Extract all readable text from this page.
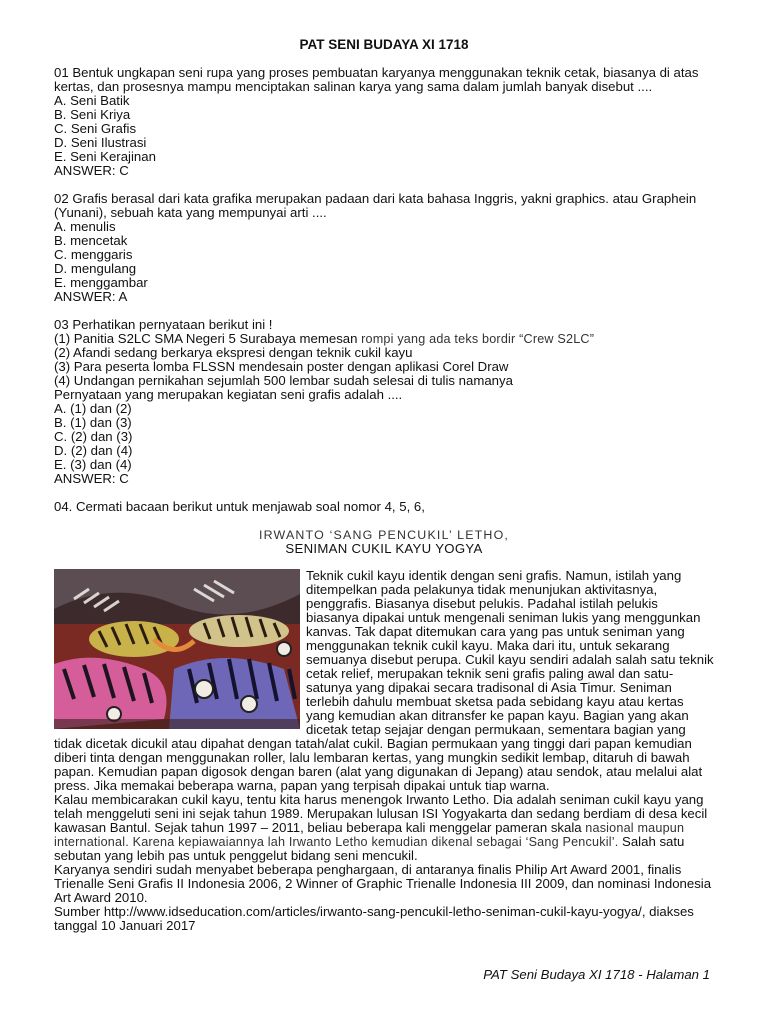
PAT SENI BUDAYA XI 1718
01 Bentuk ungkapan seni rupa yang proses pembuatan karyanya menggunakan teknik cetak, biasanya di atas kertas, dan prosesnya mampu menciptakan salinan karya yang sama dalam jumlah banyak disebut ....
A. Seni Batik
B. Seni Kriya
C. Seni Grafis
D. Seni Ilustrasi
E. Seni Kerajinan
ANSWER: C
02 Grafis berasal dari kata grafika merupakan padaan dari kata bahasa Inggris, yakni graphics. atau Graphein (Yunani), sebuah kata yang mempunyai arti ....
A. menulis
B. mencetak
C. menggaris
D. mengulang
E. menggambar
ANSWER: A
03 Perhatikan pernyataan berikut ini !
(1) Panitia S2LC SMA Negeri 5 Surabaya memesan rompi yang ada teks bordir “Crew S2LC”
(2) Afandi sedang berkarya ekspresi dengan teknik cukil kayu
(3) Para peserta lomba FLSSN mendesain poster dengan aplikasi Corel Draw
(4) Undangan pernikahan sejumlah 500 lembar sudah selesai di tulis namanya
Pernyataan yang merupakan kegiatan seni grafis adalah ....
A. (1) dan (2)
B. (1) dan (3)
C. (2) dan (3)
D. (2) dan (4)
E. (3) dan (4)
ANSWER: C
04. Cermati bacaan berikut untuk menjawab soal nomor 4, 5, 6,
IRWANTO ‘SANG PENCUKIL’ LETHO,
SENIMAN CUKIL KAYU YOGYA
Teknik cukil kayu identik dengan seni grafis. Namun, istilah yang ditempelkan pada pelakunya tidak menunjukan aktivitasnya, penggrafis. Biasanya disebut pelukis. Padahal istilah pelukis biasanya dipakai untuk mengenali seniman lukis yang menggunkan kanvas. Tak dapat ditemukan cara yang pas untuk seniman yang menggunakan teknik cukil kayu. Maka dari itu, untuk sekarang semuanya disebut perupa. Cukil kayu sendiri adalah salah satu teknik cetak relief, merupakan teknik seni grafis paling awal dan satu-satunya yang dipakai secara tradisonal di Asia Timur. Seniman terlebih dahulu membuat sketsa pada sebidang kayu atau kertas yang kemudian akan ditransfer ke papan kayu. Bagian yang akan dicetak tetap sejajar dengan permukaan, sementara bagian yang tidak dicetak dicukil atau dipahat dengan tatah/alat cukil. Bagian permukaan yang tinggi dari papan kemudian diberi tinta dengan menggunakan roller, lalu lembaran kertas, yang mungkin sedikit lembap, ditaruh di bawah papan. Kemudian papan digosok dengan baren (alat yang digunakan di Jepang) atau sendok, atau melalui alat press. Jika memakai beberapa warna, papan yang terpisah dipakai untuk tiap warna.
Kalau membicarakan cukil kayu, tentu kita harus menengok Irwanto Letho. Dia adalah seniman cukil kayu yang telah menggeluti seni ini sejak tahun 1989. Merupakan lulusan ISI Yogyakarta dan sedang berdiam di desa kecil kawasan Bantul. Sejak tahun 1997 – 2011, beliau beberapa kali menggelar pameran skala nasional maupun international. Karena kepiawaiannya lah Irwanto Letho kemudian dikenal sebagai ‘Sang Pencukil’. Salah satu sebutan yang lebih pas untuk penggelut bidang seni mencukil.
Karyanya sendiri sudah menyabet beberapa penghargaan, di antaranya finalis Philip Art Award 2001, finalis Trienalle Seni Grafis II Indonesia 2006, 2 Winner of Graphic Trienalle Indonesia III 2009, dan nominasi Indonesia Art Award 2010.
Sumber http://www.idseducation.com/articles/irwanto-sang-pencukil-letho-seniman-cukil-kayu-yogya/, diakses tanggal 10 Januari 2017
PAT Seni Budaya XI 1718 - Halaman 1
